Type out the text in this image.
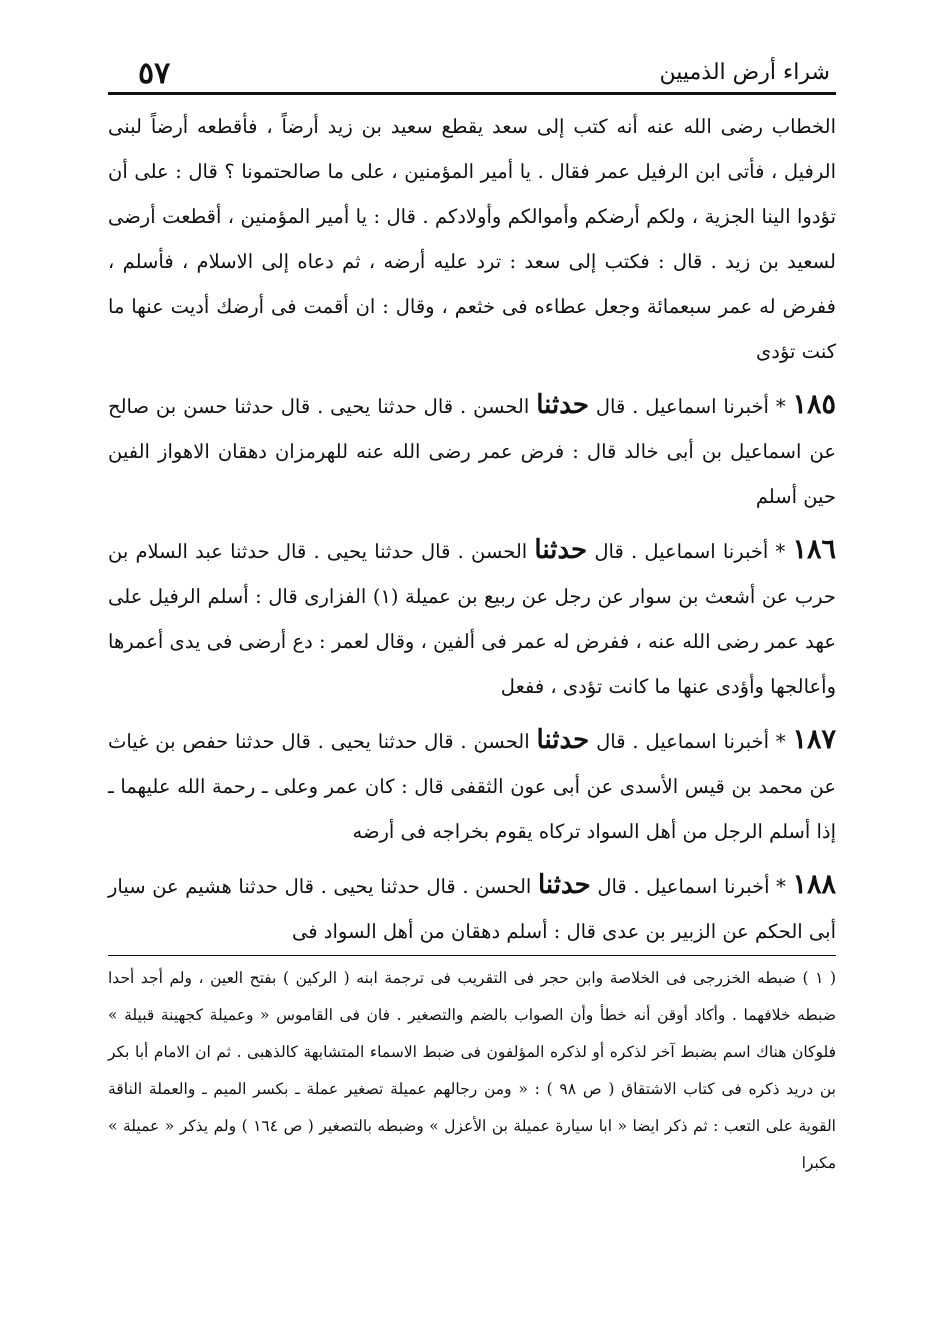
٥٧	شراء أرض الذميين

الخطاب رضى الله عنه أنه كتب إلى سعد يقطع سعيد بن زيد أرضاً ، فأقطعه أرضاً لبنى الرفيل ، فأتى ابن الرفيل عمر فقال . يا أمير المؤمنين ، على ما صالحتمونا ؟ قال : على أن تؤدوا الينا الجزية ، ولكم أرضكم وأموالكم وأولادكم . قال : يا أمير المؤمنين ، أقطعت أرضى لسعيد بن زيد . قال : فكتب إلى سعد : ترد عليه أرضه ، ثم دعاه إلى الاسلام ، فأسلم ، ففرض له عمر سبعمائة وجعل عطاءه فى خثعم ، وقال : ان أقمت فى أرضك أديت عنها ما كنت تؤدى

١٨٥ * أخبرنا اسماعيل . قال حدثنا الحسن . قال حدثنا يحيى . قال حدثنا حسن بن صالح عن اسماعيل بن أبى خالد قال : فرض عمر رضى الله عنه للهرمزان دهقان الاهواز الفين حين أسلم

١٨٦ * أخبرنا اسماعيل . قال حدثنا الحسن . قال حدثنا يحيى . قال حدثنا عبد السلام بن حرب عن أشعث بن سوار عن رجل عن ربيع بن عميلة (١) الفزارى قال : أسلم الرفيل على عهد عمر رضى الله عنه ، ففرض له عمر فى ألفين ، وقال لعمر : دع أرضى فى يدى أعمرها وأعالجها وأؤدى عنها ما كانت تؤدى ، ففعل

١٨٧ * أخبرنا اسماعيل . قال حدثنا الحسن . قال حدثنا يحيى . قال حدثنا حفص بن غياث عن محمد بن قيس الأسدى عن أبى عون الثقفى قال : كان عمر وعلى ـ رحمة الله عليهما ـ إذا أسلم الرجل من أهل السواد تركاه يقوم بخراجه فى أرضه

١٨٨ * أخبرنا اسماعيل . قال حدثنا الحسن . قال حدثنا يحيى . قال حدثنا هشيم عن سيار أبى الحكم عن الزبير بن عدى قال : أسلم دهقان من أهل السواد فى

( ١ ) ضبطه الخزرجى فى الخلاصة وابن حجر فى التقريب فى ترجمة ابنه ( الركين ) بفتح العين ، ولم أجد أحدا ضبطه خلافهما . وأكاد أوقن أنه خطأ وأن الصواب بالضم والتصغير . فان فى القاموس « وعميلة كجهينة قبيلة » فلوكان هناك اسم بضبط آخر لذكره أو لذكره المؤلفون فى ضبط الاسماء المتشابهة كالذهبى . ثم ان الامام أبا بكر بن دريد ذكره فى كتاب الاشتقاق ( ص ٩٨ ) : « ومن رجالهم عميلة تصغير عملة ـ بكسر الميم ـ والعملة الناقة القوية على التعب : ثم ذكر ايضا « ابا سيارة عميلة بن الأعزل » وضبطه بالتصغير ( ص ١٦٤ ) ولم يذكر « عميلة » مكبرا
